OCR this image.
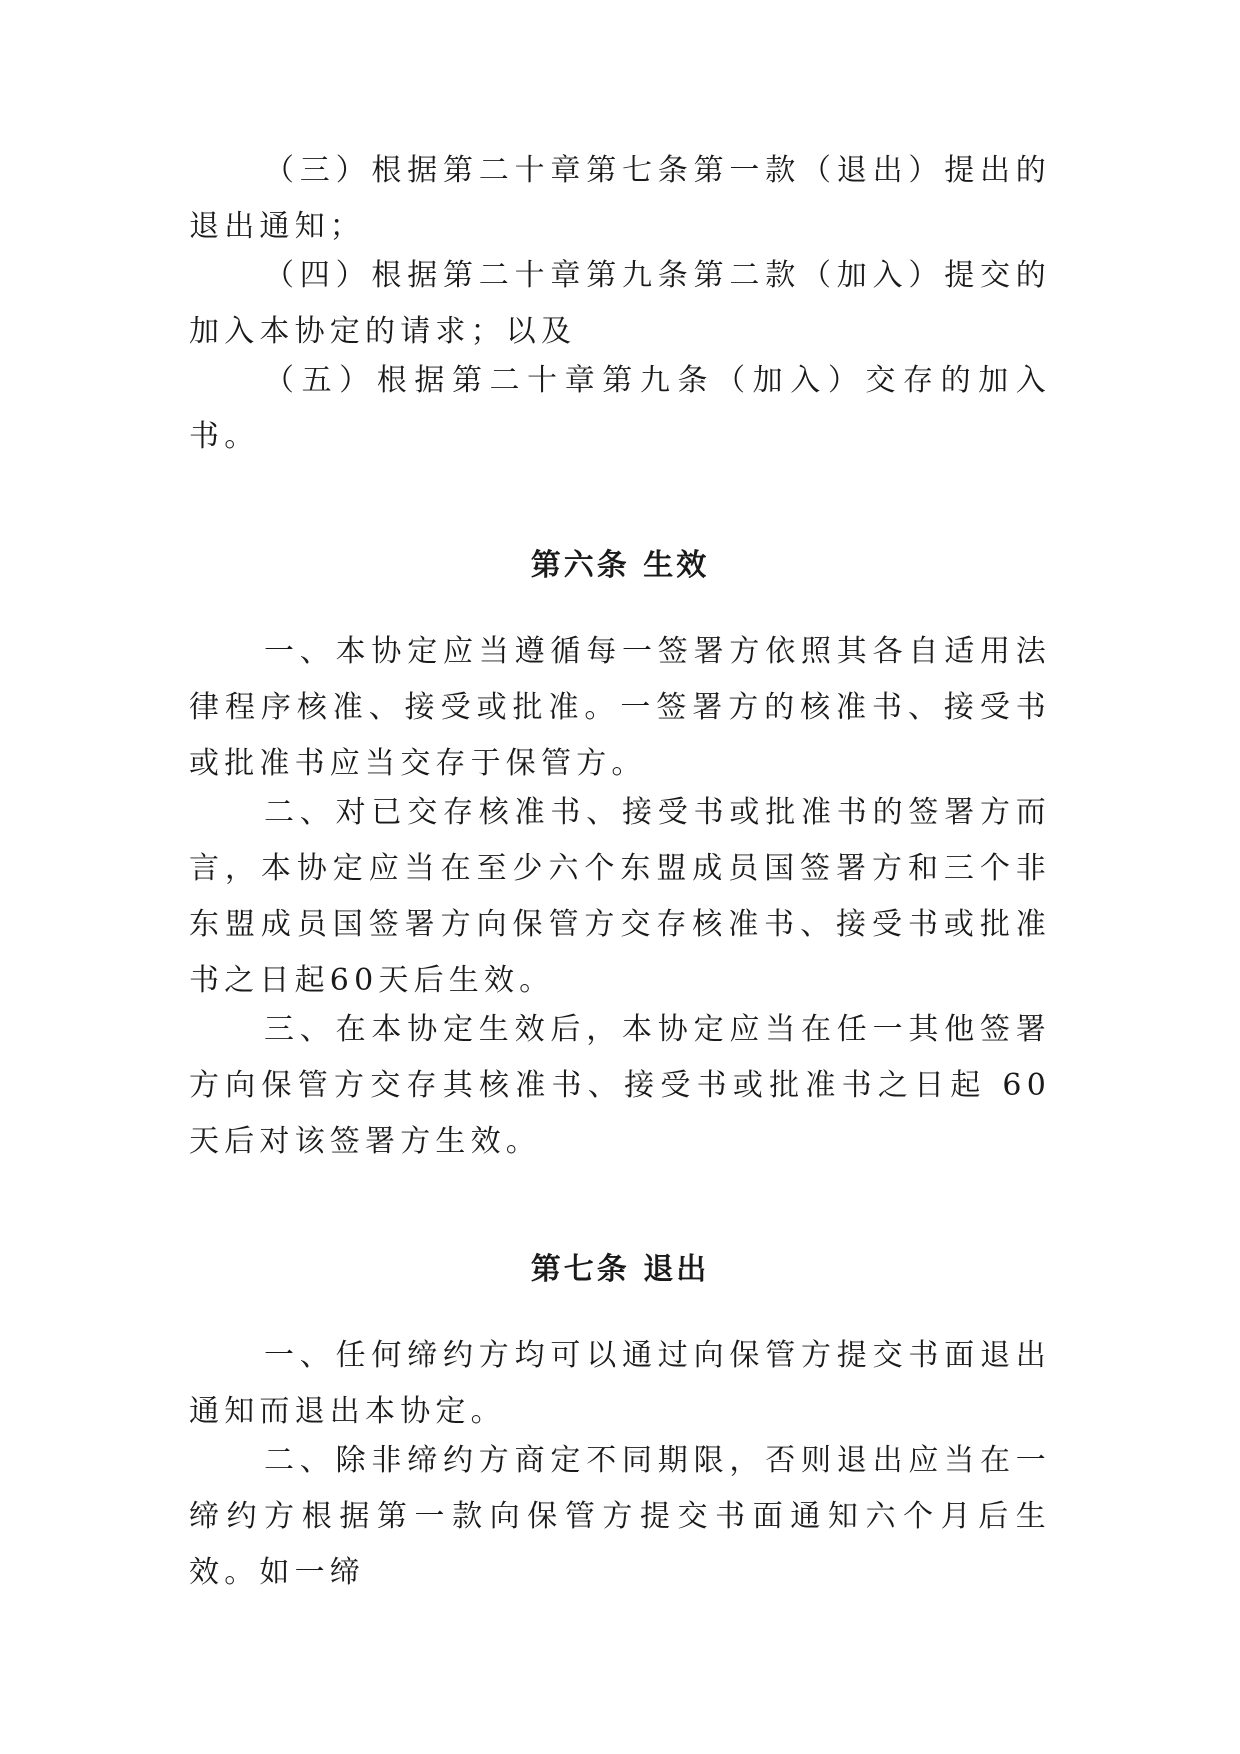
（三）根据第二十章第七条第一款（退出）提出的退出通知；

（四）根据第二十章第九条第二款（加入）提交的加入本协定的请求；以及

（五）根据第二十章第九条（加入）交存的加入书。

第六条 生效

一、本协定应当遵循每一签署方依照其各自适用法律程序核准、接受或批准。一签署方的核准书、接受书或批准书应当交存于保管方。

二、对已交存核准书、接受书或批准书的签署方而言，本协定应当在至少六个东盟成员国签署方和三个非东盟成员国签署方向保管方交存核准书、接受书或批准书之日起60天后生效。

三、在本协定生效后，本协定应当在任一其他签署方向保管方交存其核准书、接受书或批准书之日起 60 天后对该签署方生效。

第七条 退出

一、任何缔约方均可以通过向保管方提交书面退出通知而退出本协定。

二、除非缔约方商定不同期限，否则退出应当在一缔约方根据第一款向保管方提交书面通知六个月后生效。如一缔
